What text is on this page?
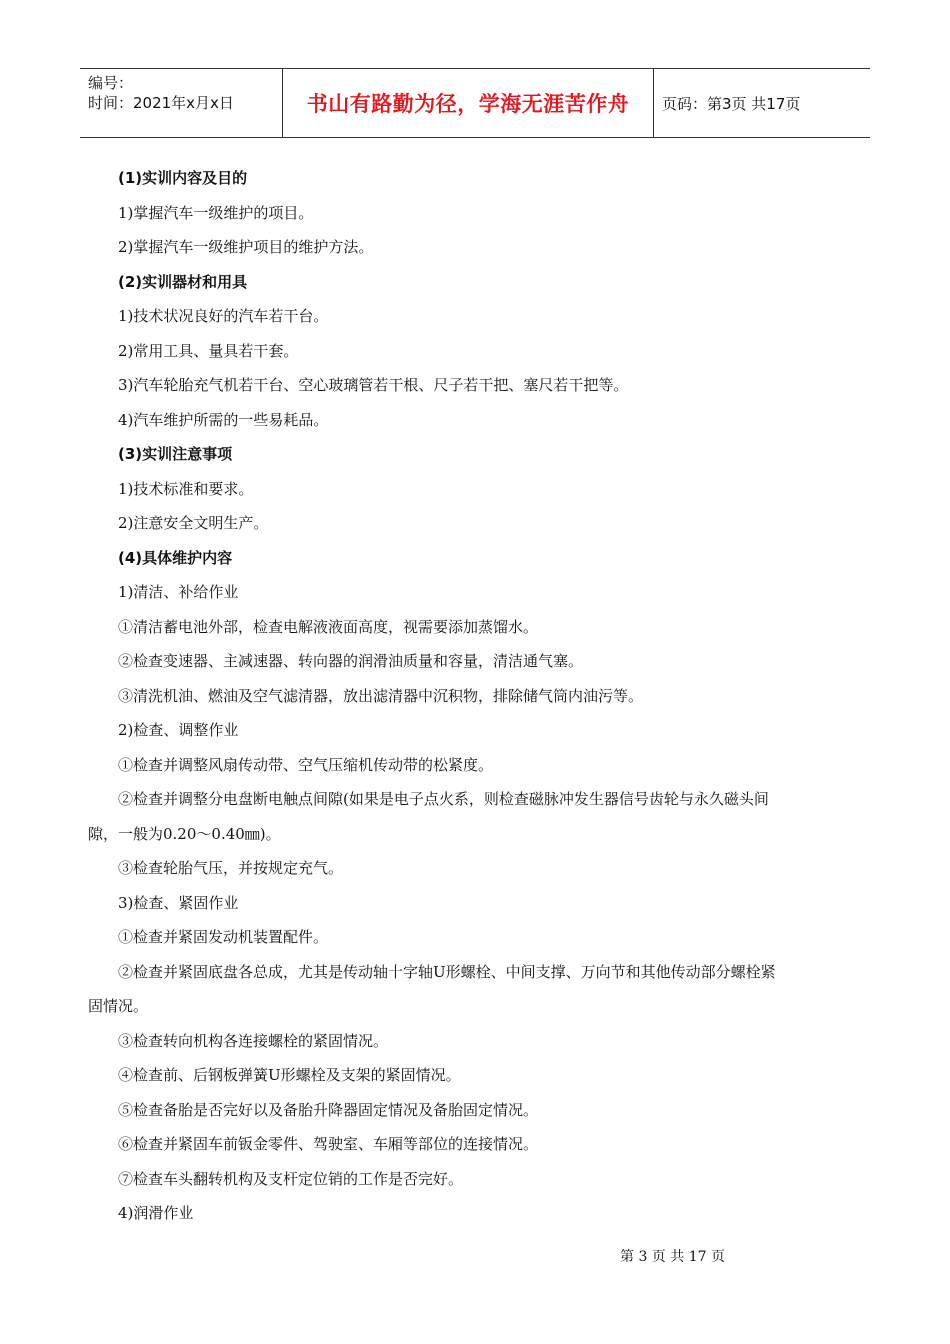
编号：
时间：2021年x月x日	书山有路勤为径，学海无涯苦作舟	页码：第3页 共17页
(1)实训内容及目的
1)掌握汽车一级维护的项目。
2)掌握汽车一级维护项目的维护方法。
(2)实训器材和用具
1)技术状况良好的汽车若干台。
2)常用工具、量具若干套。
3)汽车轮胎充气机若干台、空心玻璃管若干根、尺子若干把、塞尺若干把等。
4)汽车维护所需的一些易耗品。
(3)实训注意事项
1)技术标准和要求。
2)注意安全文明生产。
(4)具体维护内容
1)清洁、补给作业
①清洁蓄电池外部，检查电解液液面高度，视需要添加蒸馏水。
②检查变速器、主减速器、转向器的润滑油质量和容量，清洁通气塞。
③清洗机油、燃油及空气滤清器，放出滤清器中沉积物，排除储气筒内油污等。
2)检查、调整作业
①检查并调整风扇传动带、空气压缩机传动带的松紧度。
②检查并调整分电盘断电触点间隙(如果是电子点火系，则检查磁脉冲发生器信号齿轮与永久磁头间
隙，一般为0.20～0.40㎜)。
③检查轮胎气压，并按规定充气。
3)检查、紧固作业
①检查并紧固发动机装置配件。
②检查并紧固底盘各总成，尤其是传动轴十字轴U形螺栓、中间支撑、万向节和其他传动部分螺栓紧
固情况。
③检查转向机构各连接螺栓的紧固情况。
④检查前、后钢板弹簧U形螺栓及支架的紧固情况。
⑤检查备胎是否完好以及备胎升降器固定情况及备胎固定情况。
⑥检查并紧固车前钣金零件、驾驶室、车厢等部位的连接情况。
⑦检查车头翻转机构及支杆定位销的工作是否完好。
4)润滑作业
第 3 页 共 17 页
